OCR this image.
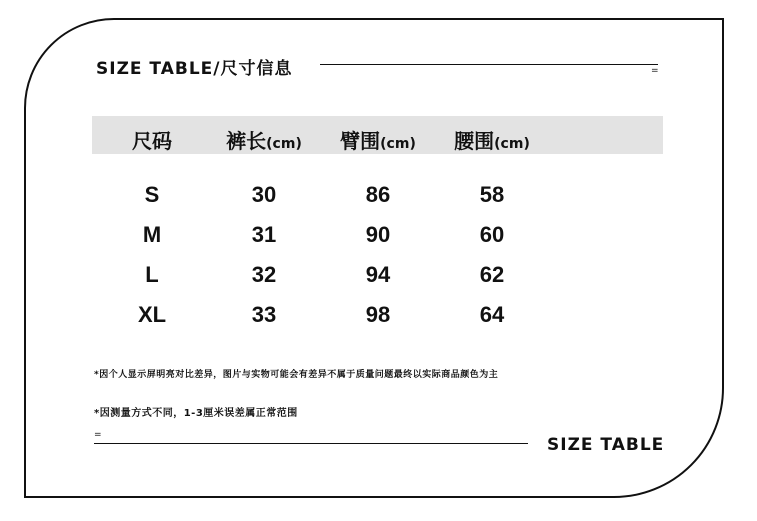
SIZE TABLE/尺寸信息	=
尺码	裤长(cm)	臂围(cm)	腰围(cm)
S	30	86	58
M	31	90	60
L	32	94	62
XL	33	98	64
*因个人显示屏明亮对比差异，图片与实物可能会有差异不属于质量问题最终以实际商品颜色为主
*因测量方式不同，1-3厘米误差属正常范围
=	SIZE TABLE
